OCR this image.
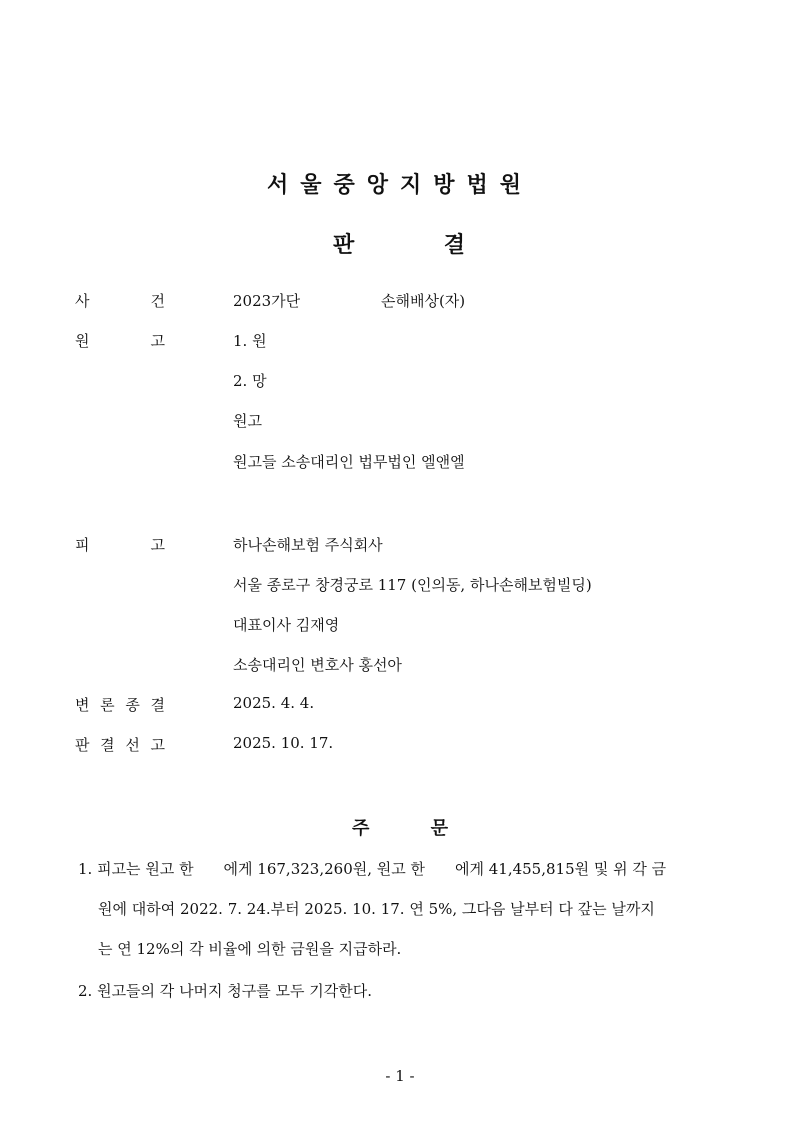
서울중앙지방법원
판	결
사	건	2023가단	손해배상(자)
원	고	1. 원
2. 망
원고
원고들 소송대리인 법무법인 엘앤엘
피	고	하나손해보험 주식회사
서울 종로구 창경궁로 117 (인의동, 하나손해보험빌딩)
대표이사 김재영
소송대리인 변호사 홍선아
변 론 종 결	2025. 4. 4.
판 결 선 고	2025. 10. 17.
주	문
1. 피고는 원고 한　　에게 167,323,260원, 원고 한　　에게 41,455,815원 및 위 각 금
원에 대하여 2022. 7. 24.부터 2025. 10. 17. 연 5%, 그다음 날부터 다 갚는 날까지
는 연 12%의 각 비율에 의한 금원을 지급하라.
2. 원고들의 각 나머지 청구를 모두 기각한다.
- 1 -
